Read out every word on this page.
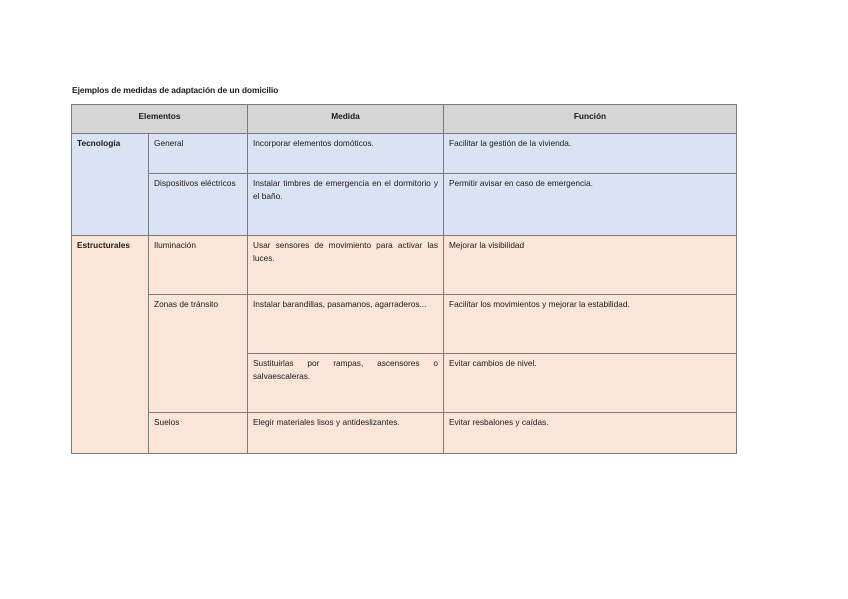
Ejemplos de medidas de adaptación de un domicilio
Elementos		Medida	Función
Tecnología	General	Incorporar elementos domóticos.	Facilitar la gestión de la vivienda.
	Dispositivos eléctricos	Instalar timbres de emergencia en el dormitorio y el baño.	Permitir avisar en caso de emergencia.
Estructurales	Iluminación	Usar sensores de movimiento para activar las luces.	Mejorar la visibilidad
	Zonas de tránsito	Instalar barandillas, pasamanos, agarraderos...	Facilitar los movimientos y mejorar la estabilidad.
		Sustituirlas por rampas, ascensores o salvaescaleras.	Evitar cambios de nivel.
	Suelos	Elegir materiales lisos y antideslizantes.	Evitar resbalones y caídas.
